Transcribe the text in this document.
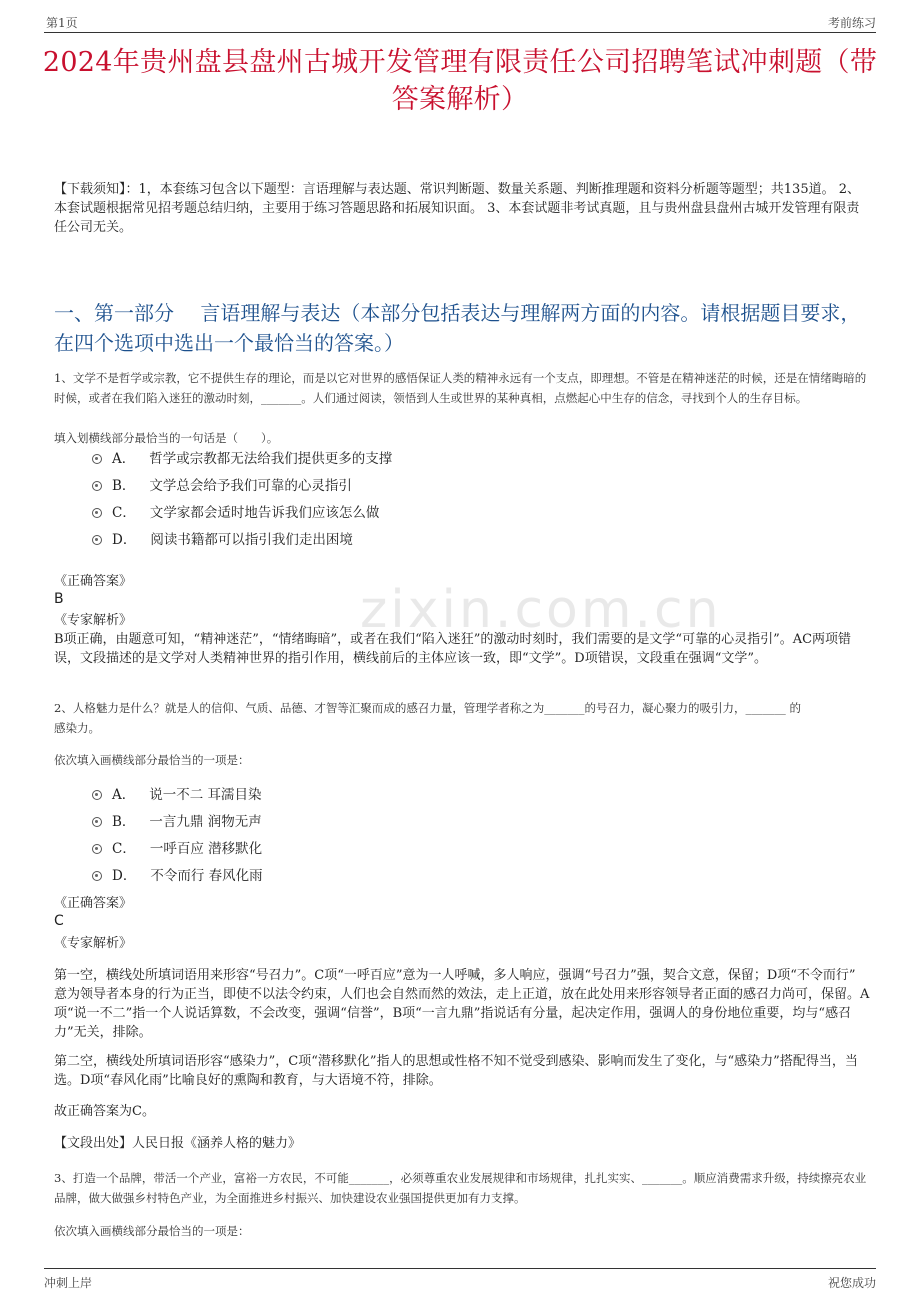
第1页	考前练习
2024年贵州盘县盘州古城开发管理有限责任公司招聘笔试冲刺题（带答案解析）
【下载须知】：1，本套练习包含以下题型：言语理解与表达题、常识判断题、数量关系题、判断推理题和资料分析题等题型；共135道。 2、本套试题根据常见招考题总结归纳，主要用于练习答题思路和拓展知识面。 3、本套试题非考试真题，且与贵州盘县盘州古城开发管理有限责任公司无关。
一、第一部分　 言语理解与表达（本部分包括表达与理解两方面的内容。请根据题目要求，在四个选项中选出一个最恰当的答案。）
zixin.com.cn
1、文学不是哲学或宗教，它不提供生存的理论，而是以它对世界的感悟保证人类的精神永远有一个支点，即理想。不管是在精神迷茫的时候，还是在情绪晦暗的时候，或者在我们陷入迷狂的激动时刻，_______。人们通过阅读，领悟到人生或世界的某种真相，点燃起心中生存的信念，寻找到个人的生存目标。
填入划横线部分最恰当的一句话是（　　）。
A． 哲学或宗教都无法给我们提供更多的支撑
B． 文学总会给予我们可靠的心灵指引
C． 文学家都会适时地告诉我们应该怎么做
D． 阅读书籍都可以指引我们走出困境
《正确答案》
B
《专家解析》
B项正确，由题意可知，“精神迷茫”，“情绪晦暗”，或者在我们“陷入迷狂”的激动时刻时，我们需要的是文学“可靠的心灵指引”。AC两项错误，文段描述的是文学对人类精神世界的指引作用，横线前后的主体应该一致，即“文学”。D项错误，文段重在强调“文学”。
2、人格魅力是什么？就是人的信仰、气质、品德、才智等汇聚而成的感召力量，管理学者称之为_______的号召力，凝心聚力的吸引力，_______ 的感染力。
依次填入画横线部分最恰当的一项是：
A． 说一不二 耳濡目染
B． 一言九鼎 润物无声
C． 一呼百应 潜移默化
D． 不令而行 春风化雨
《正确答案》
C
《专家解析》
第一空，横线处所填词语用来形容“号召力”。C项“一呼百应”意为一人呼喊，多人响应，强调“号召力”强，契合文意，保留；D项“不令而行” 意为领导者本身的行为正当，即使不以法令约束，人们也会自然而然的效法，走上正道，放在此处用来形容领导者正面的感召力尚可，保留。A项“说一不二”指一个人说话算数，不会改变，强调“信誉”，B项“一言九鼎”指说话有分量，起决定作用，强调人的身份地位重要，均与“感召力”无关，排除。
第二空，横线处所填词语形容“感染力”，C项“潜移默化”指人的思想或性格不知不觉受到感染、影响而发生了变化，与“感染力”搭配得当，当选。D项“春风化雨”比喻良好的熏陶和教育，与大语境不符，排除。
故正确答案为C。
【文段出处】人民日报《涵养人格的魅力》
3、打造一个品牌，带活一个产业，富裕一方农民，不可能_______，必须尊重农业发展规律和市场规律，扎扎实实、_______。顺应消费需求升级，持续擦亮农业品牌，做大做强乡村特色产业，为全面推进乡村振兴、加快建设农业强国提供更加有力支撑。
依次填入画横线部分最恰当的一项是：
冲刺上岸	祝您成功
